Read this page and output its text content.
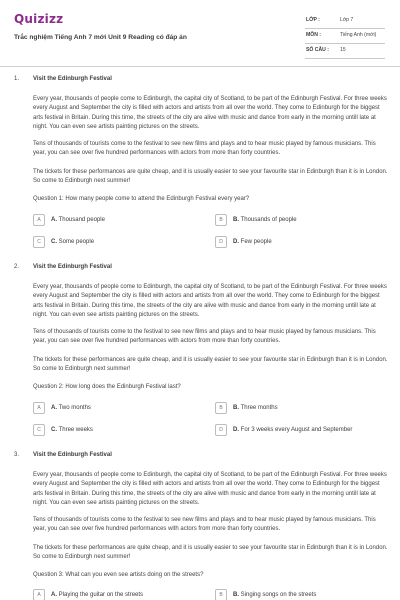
Quizizz
Trắc nghiệm Tiếng Anh 7 mới Unit 9 Reading có đáp án
LỚP :	Lớp 7
MÔN :	Tiếng Anh (mới)
SỐ CÂU : 15
1. Visit the Edinburgh Festival

Every year, thousands of people come to Edinburgh, the capital city of Scotland, to be part of the Edinburgh Festival. For three weeks every August and September the city is filled with actors and artists from all over the world. They come to Edinburgh for the biggest arts festival in Britain. During this time, the streets of the city are alive with music and dance from early in the morning untill late at night. You can even see artists painting pictures on the streets.

Tens of thousands of tourists come to the festival to see new films and plays and to hear music played by famous musicians. This year, you can see over five hundred performances with actors from more than forty countries.

The tickets for these performances are quite cheap, and it is usually easier to see your favourite star in Edinburgh than it is in London. So come to Edinburgh next summer!

Question 1: How many people come to attend the Edinburgh Festival every year?
A	A. Thousand people	B	B. Thousands of people
C	C. Some people	D	D. Few people
2. Visit the Edinburgh Festival

Every year, thousands of people come to Edinburgh, the capital city of Scotland, to be part of the Edinburgh Festival. For three weeks every August and September the city is filled with actors and artists from all over the world. They come to Edinburgh for the biggest arts festival in Britain. During this time, the streets of the city are alive with music and dance from early in the morning untill late at night. You can even see artists painting pictures on the streets.

Tens of thousands of tourists come to the festival to see new films and plays and to hear music played by famous musicians. This year, you can see over five hundred performances with actors from more than forty countries.

The tickets for these performances are quite cheap, and it is usually easier to see your favourite star in Edinburgh than it is in London. So come to Edinburgh next summer!

Question 2: How long does the Edinburgh Festival last?
A	A. Two months	B	B. Three months
C	C. Three weeks	D	D. For 3 weeks every August and September
3. Visit the Edinburgh Festival

Every year, thousands of people come to Edinburgh, the capital city of Scotland, to be part of the Edinburgh Festival. For three weeks every August and September the city is filled with actors and artists from all over the world. They come to Edinburgh for the biggest arts festival in Britain. During this time, the streets of the city are alive with music and dance from early in the morning untill late at night. You can even see artists painting pictures on the streets.

Tens of thousands of tourists come to the festival to see new films and plays and to hear music played by famous musicians. This year, you can see over five hundred performances with actors from more than forty countries.

The tickets for these performances are quite cheap, and it is usually easier to see your favourite star in Edinburgh than it is in London. So come to Edinburgh next summer!

Question 3: What can you even see artists doing on the streets?
A	A. Playing the guitar on the streets	B	B. Singing songs on the streets
